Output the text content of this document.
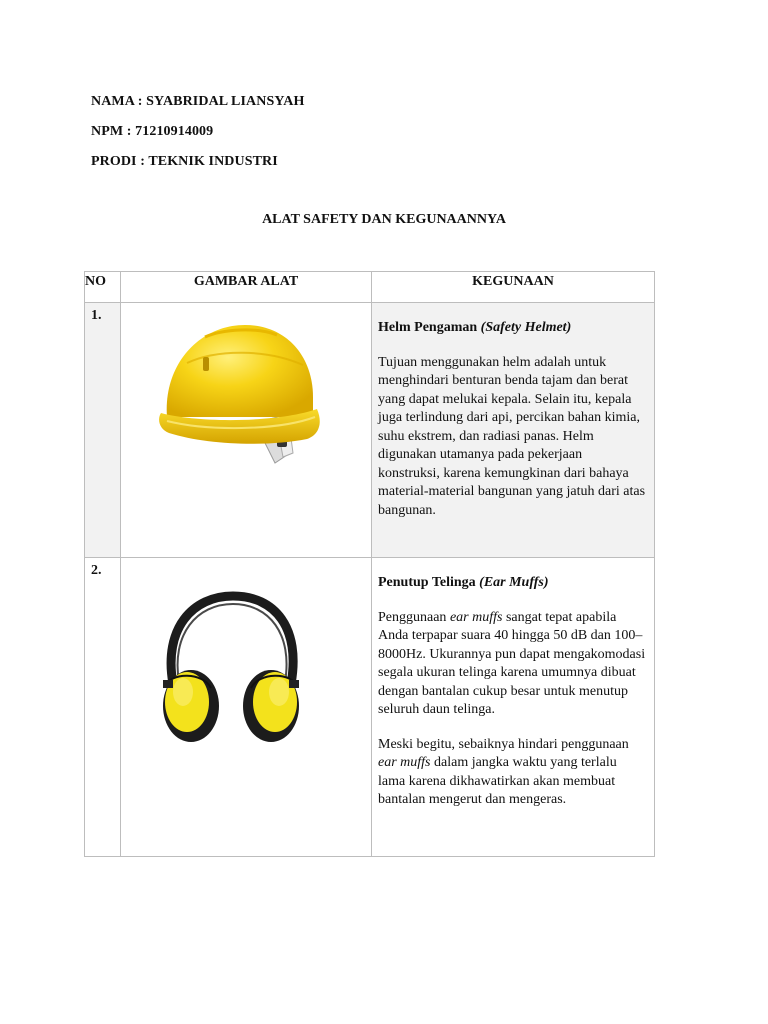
NAMA : SYABRIDAL LIANSYAH
NPM : 71210914009
PRODI : TEKNIK INDUSTRI
ALAT SAFETY DAN KEGUNAANNYA
NO	GAMBAR ALAT	KEGUNAAN
1.		Helm Pengaman (Safety Helmet)

Tujuan menggunakan helm adalah untuk menghindari benturan benda tajam dan berat yang dapat melukai kepala. Selain itu, kepala juga terlindung dari api, percikan bahan kimia, suhu ekstrem, dan radiasi panas. Helm digunakan utamanya pada pekerjaan konstruksi, karena kemungkinan dari bahaya material-material bangunan yang jatuh dari atas bangunan.

2.		Penutup Telinga (Ear Muffs)

Penggunaan ear muffs sangat tepat apabila Anda terpapar suara 40 hingga 50 dB dan 100–8000Hz. Ukurannya pun dapat mengakomodasi segala ukuran telinga karena umumnya dibuat dengan bantalan cukup besar untuk menutup seluruh daun telinga.

Meski begitu, sebaiknya hindari penggunaan ear muffs dalam jangka waktu yang terlalu lama karena dikhawatirkan akan membuat bantalan mengerut dan mengeras.
